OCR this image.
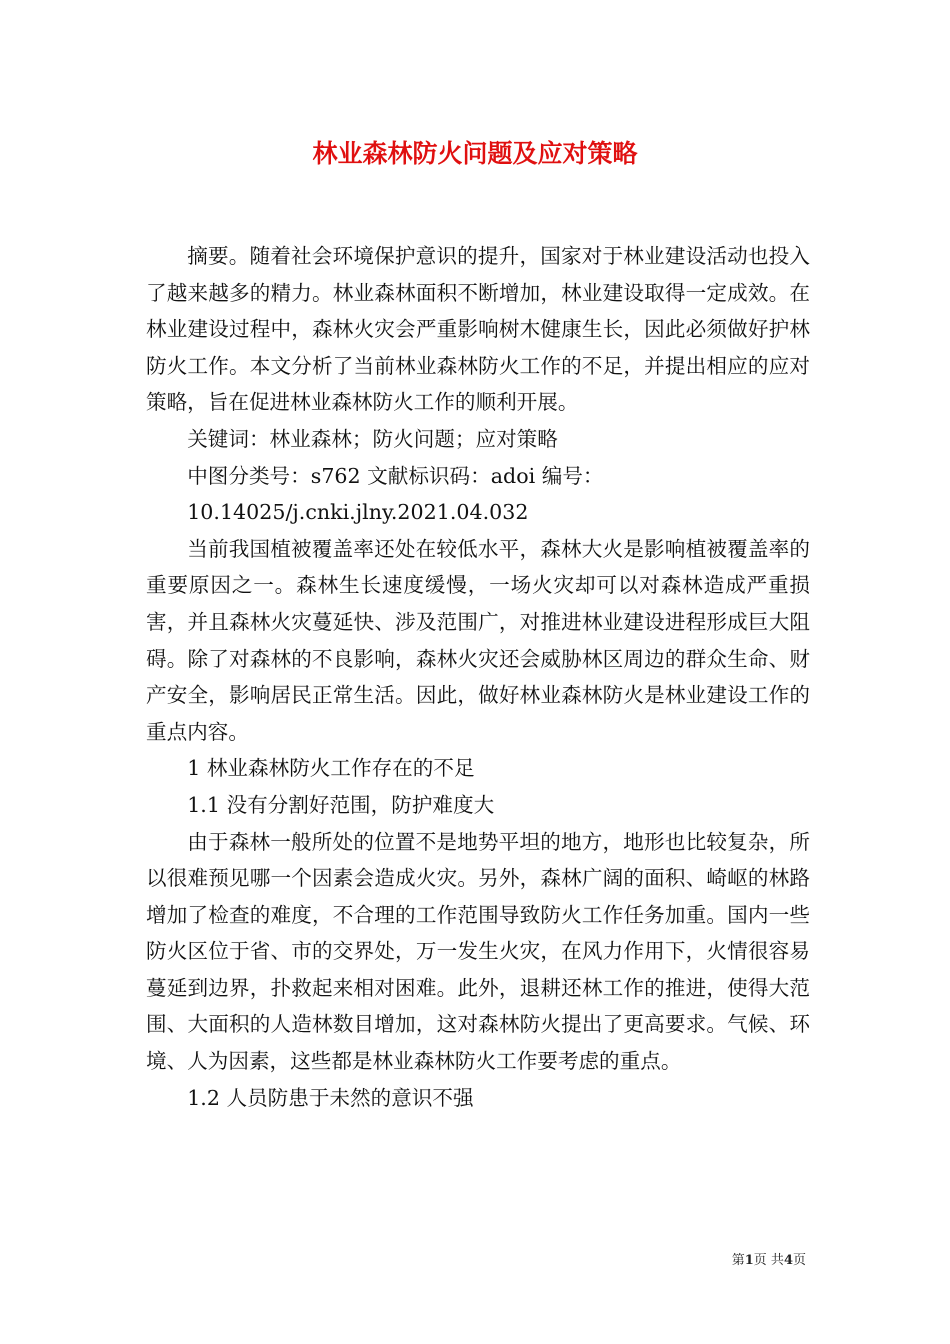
林业森林防火问题及应对策略

摘要。随着社会环境保护意识的提升，国家对于林业建设活动也投入了越来越多的精力。林业森林面积不断增加，林业建设取得一定成效。在林业建设过程中，森林火灾会严重影响树木健康生长，因此必须做好护林防火工作。本文分析了当前林业森林防火工作的不足，并提出相应的应对策略，旨在促进林业森林防火工作的顺利开展。

关键词：林业森林；防火问题；应对策略

中图分类号：s762 文献标识码：adoi 编号：

10.14025/j.cnki.jlny.2021.04.032

当前我国植被覆盖率还处在较低水平，森林大火是影响植被覆盖率的重要原因之一。森林生长速度缓慢，一场火灾却可以对森林造成严重损害，并且森林火灾蔓延快、涉及范围广，对推进林业建设进程形成巨大阻碍。除了对森林的不良影响，森林火灾还会威胁林区周边的群众生命、财产安全，影响居民正常生活。因此，做好林业森林防火是林业建设工作的重点内容。

1 林业森林防火工作存在的不足

1.1 没有分割好范围，防护难度大

由于森林一般所处的位置不是地势平坦的地方，地形也比较复杂，所以很难预见哪一个因素会造成火灾。另外，森林广阔的面积、崎岖的林路增加了检查的难度，不合理的工作范围导致防火工作任务加重。国内一些防火区位于省、市的交界处，万一发生火灾，在风力作用下，火情很容易蔓延到边界，扑救起来相对困难。此外，退耕还林工作的推进，使得大范围、大面积的人造林数目增加，这对森林防火提出了更高要求。气候、环境、人为因素，这些都是林业森林防火工作要考虑的重点。

1.2 人员防患于未然的意识不强

第1页 共4页
